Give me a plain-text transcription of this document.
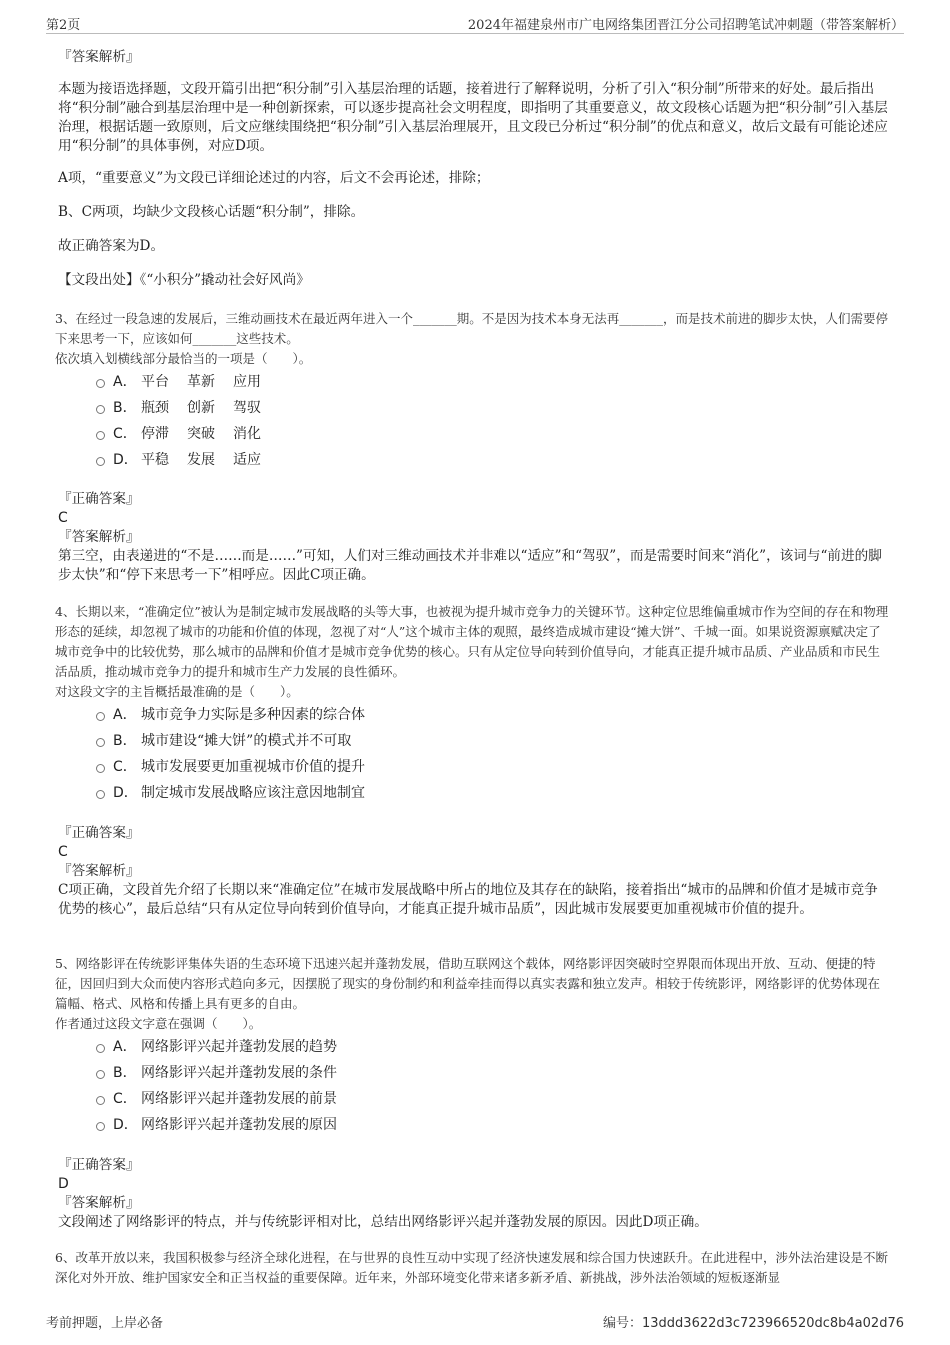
第2页	2024年福建泉州市广电网络集团晋江分公司招聘笔试冲刺题（带答案解析）

『答案解析』

本题为接语选择题，文段开篇引出把“积分制”引入基层治理的话题，接着进行了解释说明，分析了引入“积分制”所带来的好处。最后指出将“积分制”融合到基层治理中是一种创新探索，可以逐步提高社会文明程度，即指明了其重要意义，故文段核心话题为把“积分制”引入基层治理，根据话题一致原则，后文应继续围绕把“积分制”引入基层治理展开，且文段已分析过“积分制”的优点和意义，故后文最有可能论述应用“积分制”的具体事例，对应D项。

A项，“重要意义”为文段已详细论述过的内容，后文不会再论述，排除；

B、C两项，均缺少文段核心话题“积分制”，排除。

故正确答案为D。

【文段出处】《“小积分”撬动社会好风尚》

3、在经过一段急速的发展后，三维动画技术在最近两年进入一个_______期。不是因为技术本身无法再_______，而是技术前进的脚步太快，人们需要停下来思考一下，应该如何_______这些技术。

依次填入划横线部分最恰当的一项是（　　）。

A． 平台 革新 应用
B． 瓶颈 创新 驾驭
C． 停滞 突破 消化
D． 平稳 发展 适应

『正确答案』

C

『答案解析』

第三空，由表递进的“不是……而是……”可知，人们对三维动画技术并非难以“适应”和“驾驭”，而是需要时间来“消化”，该词与“前进的脚步太快”和“停下来思考一下”相呼应。因此C项正确。

4、长期以来，“准确定位”被认为是制定城市发展战略的头等大事，也被视为提升城市竞争力的关键环节。这种定位思维偏重城市作为空间的存在和物理形态的延续，却忽视了城市的功能和价值的体现，忽视了对“人”这个城市主体的观照，最终造成城市建设“摊大饼”、千城一面。如果说资源禀赋决定了城市竞争中的比较优势，那么城市的品牌和价值才是城市竞争优势的核心。只有从定位导向转到价值导向，才能真正提升城市品质、产业品质和市民生活品质，推动城市竞争力的提升和城市生产力发展的良性循环。

对这段文字的主旨概括最准确的是（　　）。

A． 城市竞争力实际是多种因素的综合体
B． 城市建设“摊大饼”的模式并不可取
C． 城市发展要更加重视城市价值的提升
D． 制定城市发展战略应该注意因地制宜

『正确答案』

C

『答案解析』

C项正确，文段首先介绍了长期以来“准确定位”在城市发展战略中所占的地位及其存在的缺陷，接着指出“城市的品牌和价值才是城市竞争优势的核心”，最后总结“只有从定位导向转到价值导向，才能真正提升城市品质”，因此城市发展要更加重视城市价值的提升。

5、网络影评在传统影评集体失语的生态环境下迅速兴起并蓬勃发展，借助互联网这个载体，网络影评因突破时空界限而体现出开放、互动、便捷的特征，因回归到大众而使内容形式趋向多元，因摆脱了现实的身份制约和利益牵挂而得以真实表露和独立发声。相较于传统影评，网络影评的优势体现在篇幅、格式、风格和传播上具有更多的自由。

作者通过这段文字意在强调（　　）。

A． 网络影评兴起并蓬勃发展的趋势
B． 网络影评兴起并蓬勃发展的条件
C． 网络影评兴起并蓬勃发展的前景
D． 网络影评兴起并蓬勃发展的原因

『正确答案』

D

『答案解析』

文段阐述了网络影评的特点，并与传统影评相对比，总结出网络影评兴起并蓬勃发展的原因。因此D项正确。

6、改革开放以来，我国积极参与经济全球化进程，在与世界的良性互动中实现了经济快速发展和综合国力快速跃升。在此进程中，涉外法治建设是不断深化对外开放、维护国家安全和正当权益的重要保障。近年来，外部环境变化带来诸多新矛盾、新挑战，涉外法治领域的短板逐渐显

考前押题，上岸必备	编号：13ddd3622d3c723966520dc8b4a02d76
